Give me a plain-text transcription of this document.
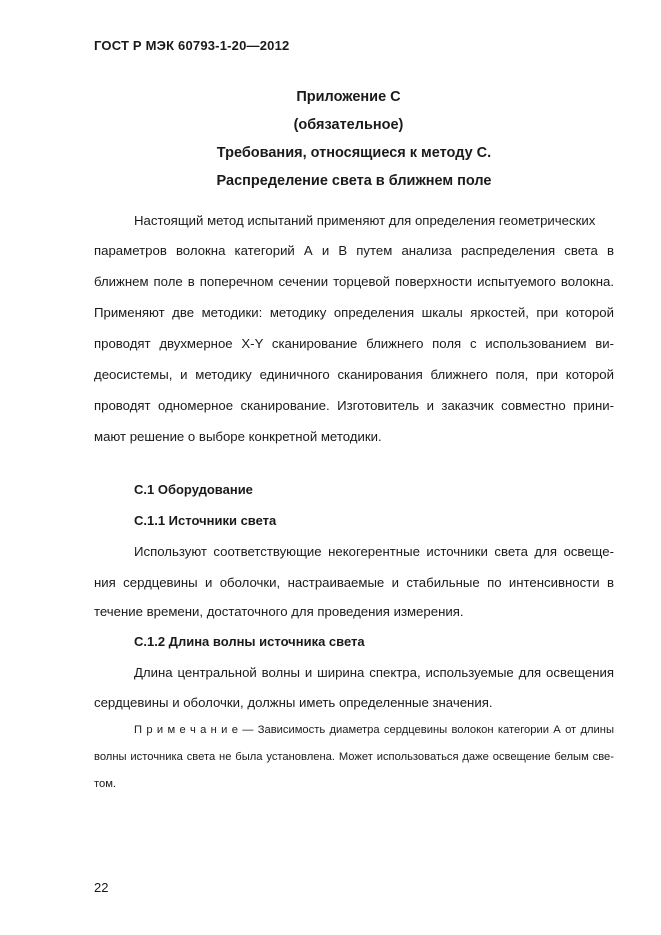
ГОСТ Р МЭК 60793-1-20—2012
Приложение С
(обязательное)
Требования, относящиеся к методу С.
Распределение света в ближнем поле
Настоящий метод испытаний применяют для определения геометрических
параметров волокна категорий А и В путем анализа распределения света в
ближнем поле в поперечном сечении торцевой поверхности испытуемого волокна.
Применяют две методики: методику определения шкалы яркостей, при которой
проводят двухмерное X-Y сканирование ближнего поля с использованием ви-
деосистемы, и методику единичного сканирования ближнего поля, при которой
проводят одномерное сканирование. Изготовитель и заказчик совместно прини-
мают решение о выборе конкретной методики.
С.1 Оборудование
С.1.1 Источники света
Используют соответствующие некогерентные источники света для освеще-
ния сердцевины и оболочки, настраиваемые и стабильные по интенсивности в
течение времени, достаточного для проведения измерения.
С.1.2 Длина волны источника света
Длина центральной волны и ширина спектра, используемые для освещения
сердцевины и оболочки, должны иметь определенные значения.
П р и м е ч а н и е — Зависимость диаметра сердцевины волокон категории А от длины
волны источника света не была установлена. Может использоваться даже освещение белым све-
том.
22
